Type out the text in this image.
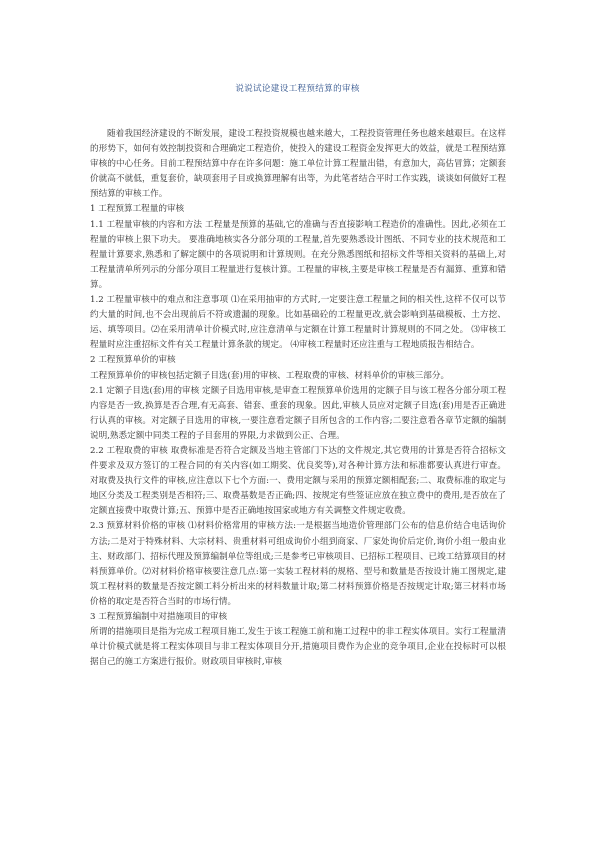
说说试论建设工程预结算的审核

随着我国经济建设的不断发展，建设工程投资规模也越来越大，工程投资管理任务也越来越艰巨。在这样的形势下，如何有效控制投资和合理确定工程造价，使投入的建设工程资金发挥更大的效益，就是工程预结算审核的中心任务。目前工程预结算中存在许多问题：施工单位计算工程量出错，有意加大，高估冒算；定额套价就高不就低，重复套价，缺项套用子目或换算理解有出等，为此笔者结合平时工作实践，谈谈如何做好工程预结算的审核工作。

1 工程预算工程量的审核

1.1 工程量审核的内容和方法 工程量是预算的基础,它的准确与否直接影响工程造价的准确性。因此,必须在工程量的审核上狠下功夫。 要准确地核实各分部分项的工程量,首先要熟悉设计图纸、不同专业的技术规范和工程量计算要求,熟悉和了解定额中的各项说明和计算规则。在充分熟悉图纸和招标文件等相关资料的基础上,对工程量清单所列示的分部分项目工程量进行复核计算。工程量的审核,主要是审核工程量是否有漏算、重算和错算。

1.2 工程量审核中的难点和注意事项 ⑴在采用抽审的方式时,一定要注意工程量之间的相关性,这样不仅可以节约大量的时间,也不会出现前后不符或遗漏的现象。比如基础砼的工程量更改,就会影响到基础模板、土方挖、运、填等项目。⑵在采用清单计价模式时,应注意清单与定额在计算工程量时计算规则的不同之处。 ⑶审核工程量时应注重招标文件有关工程量计算条款的规定。 ⑷审核工程量时还应注重与工程地质报告相结合。

2 工程预算单价的审核

工程预算单价的审核包括定额子目选(套)用的审核、工程取费的审核、材料单价的审核三部分。

2.1 定额子目选(套)用的审核 定额子目选用审核,是审查工程预算单价选用的定额子目与该工程各分部分项工程内容是否一致,换算是否合理,有无高套、错套、重套的现象。因此,审核人员应对定额子目选(套)用是否正确进行认真的审核。对定额子目选用的审核,一要注意看定额子目所包含的工作内容;二要注意看各章节定额的编制说明,熟悉定额中同类工程的子目套用的界限,力求做到公正、合理。

2.2 工程取费的审核 取费标准是否符合定额及当地主管部门下达的文件规定,其它费用的计算是否符合招标文件要求及双方签订的工程合同的有关内容(如工期奖、优良奖等),对各种计算方法和标准都要认真进行审查。 对取费及执行文件的审核,应注意以下七个方面:一、费用定额与采用的预算定额相配套;二、取费标准的取定与地区分类及工程类别是否相符;三、取费基数是否正确;四、按规定有些签证应放在独立费中的费用,是否放在了定额直接费中取费计算;五、预算中是否正确地按国家或地方有关调整文件规定收费。

2.3 预算材料价格的审核 ⑴材料价格常用的审核方法:一是根据当地造价管理部门公布的信息价结合电话询价方法;二是对于特殊材料、大宗材料、贵重材料可组成询价小组到商家、厂家处询价后定价,询价小组一般由业主、财政部门、招标代理及预算编制单位等组成;三是参考已审核项目、已招标工程项目、已竣工结算项目的材料预算单价。⑵对材料价格审核要注意几点:第一实装工程材料的规格、型号和数量是否按设计施工图规定,建筑工程材料的数量是否按定额工料分析出来的材料数量计取;第二材料预算价格是否按规定计取;第三材料市场价格的取定是否符合当时的市场行情。

3 工程预算编制中对措施项目的审核

所谓的措施项目是指为完成工程项目施工,发生于该工程施工前和施工过程中的非工程实体项目。实行工程量清单计价模式就是将工程实体项目与非工程实体项目分开,措施项目费作为企业的竞争项目,企业在投标时可以根据自己的施工方案进行报价。财政项目审核时,审核
